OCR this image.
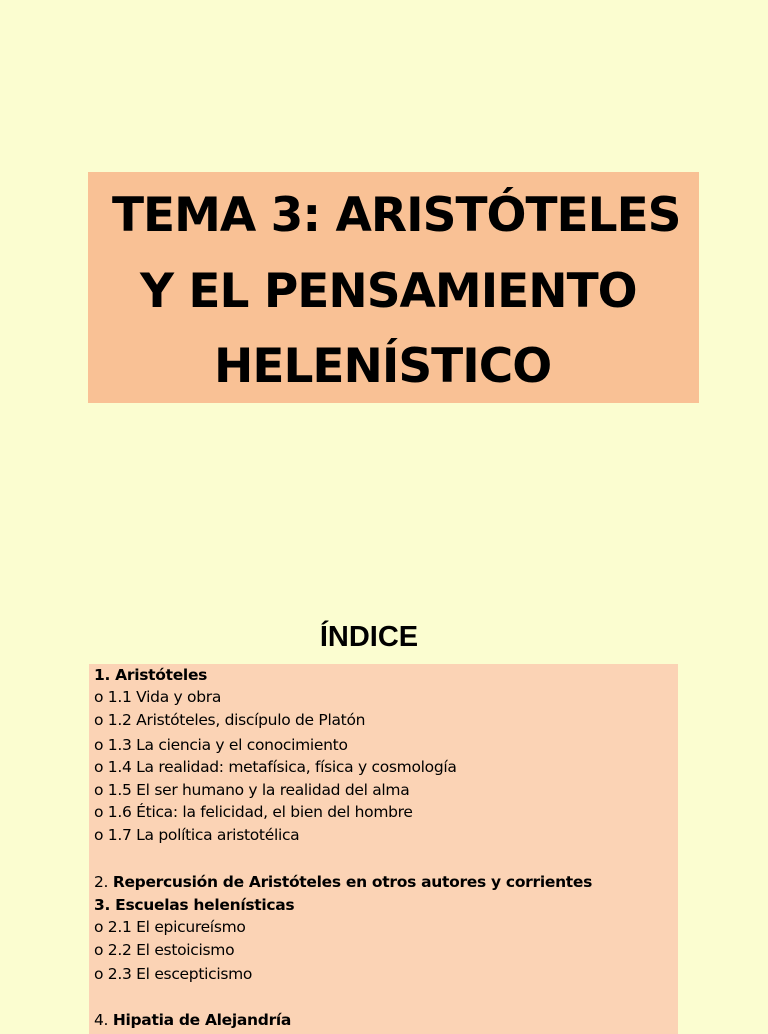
TEMA 3: ARISTÓTELES
Y EL PENSAMIENTO
HELENÍSTICO
ÍNDICE
1. Aristóteles
o 1.1 Vida y obra
o 1.2 Aristóteles, discípulo de Platón
o 1.3 La ciencia y el conocimiento
o 1.4 La realidad: metafísica, física y cosmología
o 1.5 El ser humano y la realidad del alma
o 1.6 Ética: la felicidad, el bien del hombre
o 1.7 La política aristotélica
2. Repercusión de Aristóteles en otros autores y corrientes
3. Escuelas helenísticas
o 2.1 El epicureísmo
o 2.2 El estoicismo
o 2.3 El escepticismo
4. Hipatia de Alejandría
